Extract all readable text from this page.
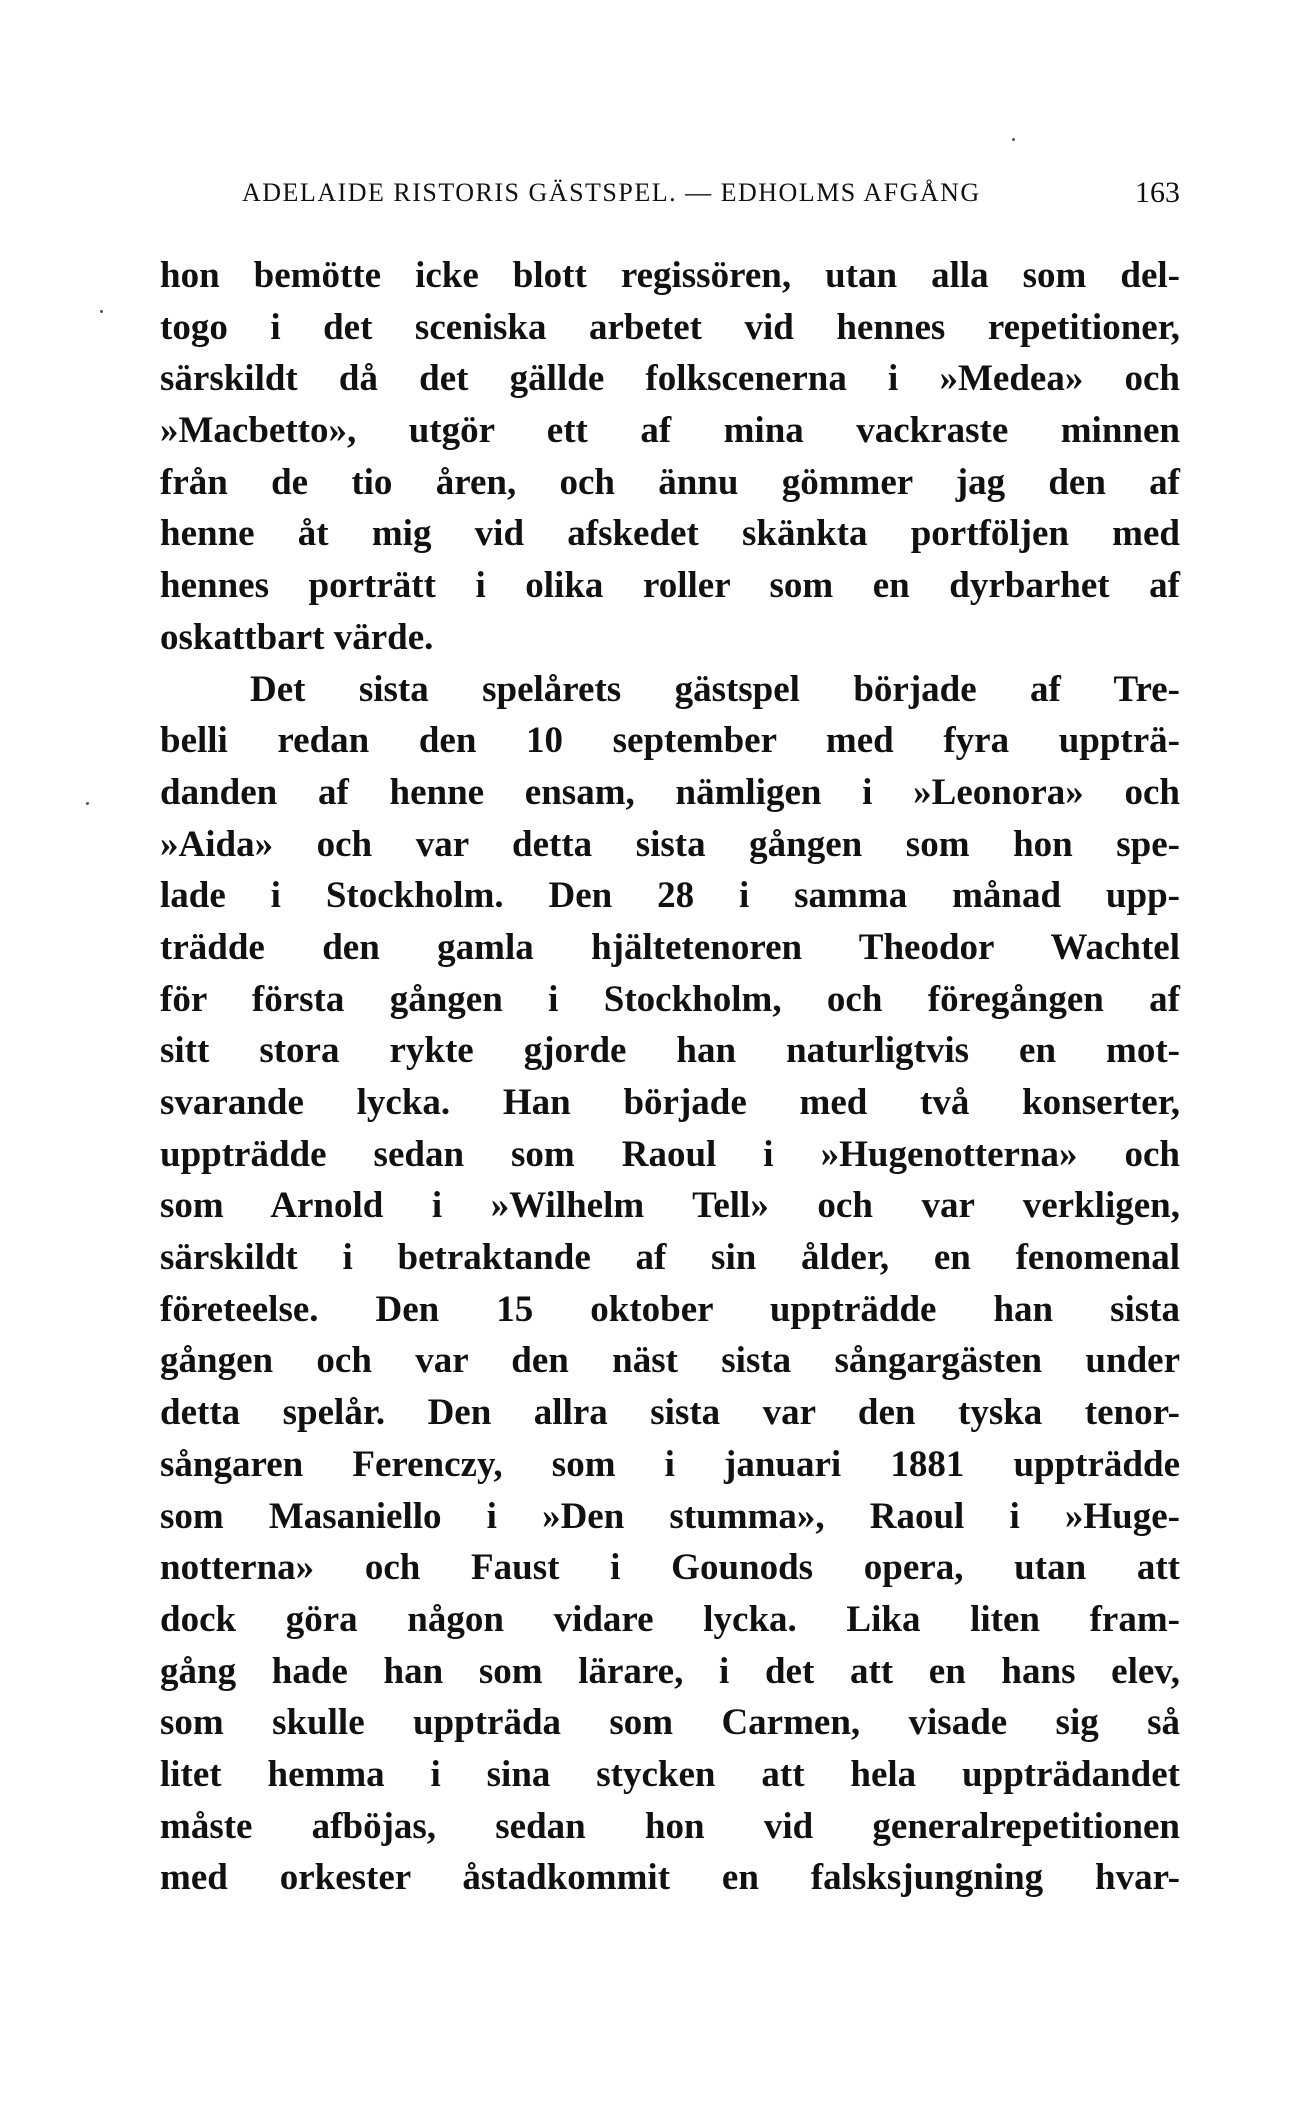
ADELAIDE RISTORIS GÄSTSPEL. — EDHOLMS AFGÅNG	163
hon bemötte icke blott regissören, utan alla som del-
togo i det sceniska arbetet vid hennes repetitioner,
särskildt då det gällde folkscenerna i »Medea» och
»Macbetto», utgör ett af mina vackraste minnen
från de tio åren, och ännu gömmer jag den af
henne åt mig vid afskedet skänkta portföljen med
hennes porträtt i olika roller som en dyrbarhet af
oskattbart värde.
Det sista spelårets gästspel började af Tre-
belli redan den 10 september med fyra uppträ-
danden af henne ensam, nämligen i »Leonora» och
»Aida» och var detta sista gången som hon spe-
lade i Stockholm. Den 28 i samma månad upp-
trädde den gamla hjältetenoren Theodor Wachtel
för första gången i Stockholm, och föregången af
sitt stora rykte gjorde han naturligtvis en mot-
svarande lycka. Han började med två konserter,
uppträdde sedan som Raoul i »Hugenotterna» och
som Arnold i »Wilhelm Tell» och var verkligen,
särskildt i betraktande af sin ålder, en fenomenal
företeelse. Den 15 oktober uppträdde han sista
gången och var den näst sista sångargästen under
detta spelår. Den allra sista var den tyska tenor-
sångaren Ferenczy, som i januari 1881 uppträdde
som Masaniello i »Den stumma», Raoul i »Huge-
notterna» och Faust i Gounods opera, utan att
dock göra någon vidare lycka. Lika liten fram-
gång hade han som lärare, i det att en hans elev,
som skulle uppträda som Carmen, visade sig så
litet hemma i sina stycken att hela uppträdandet
måste afböjas, sedan hon vid generalrepetitionen
med orkester åstadkommit en falsksjungning hvar-
